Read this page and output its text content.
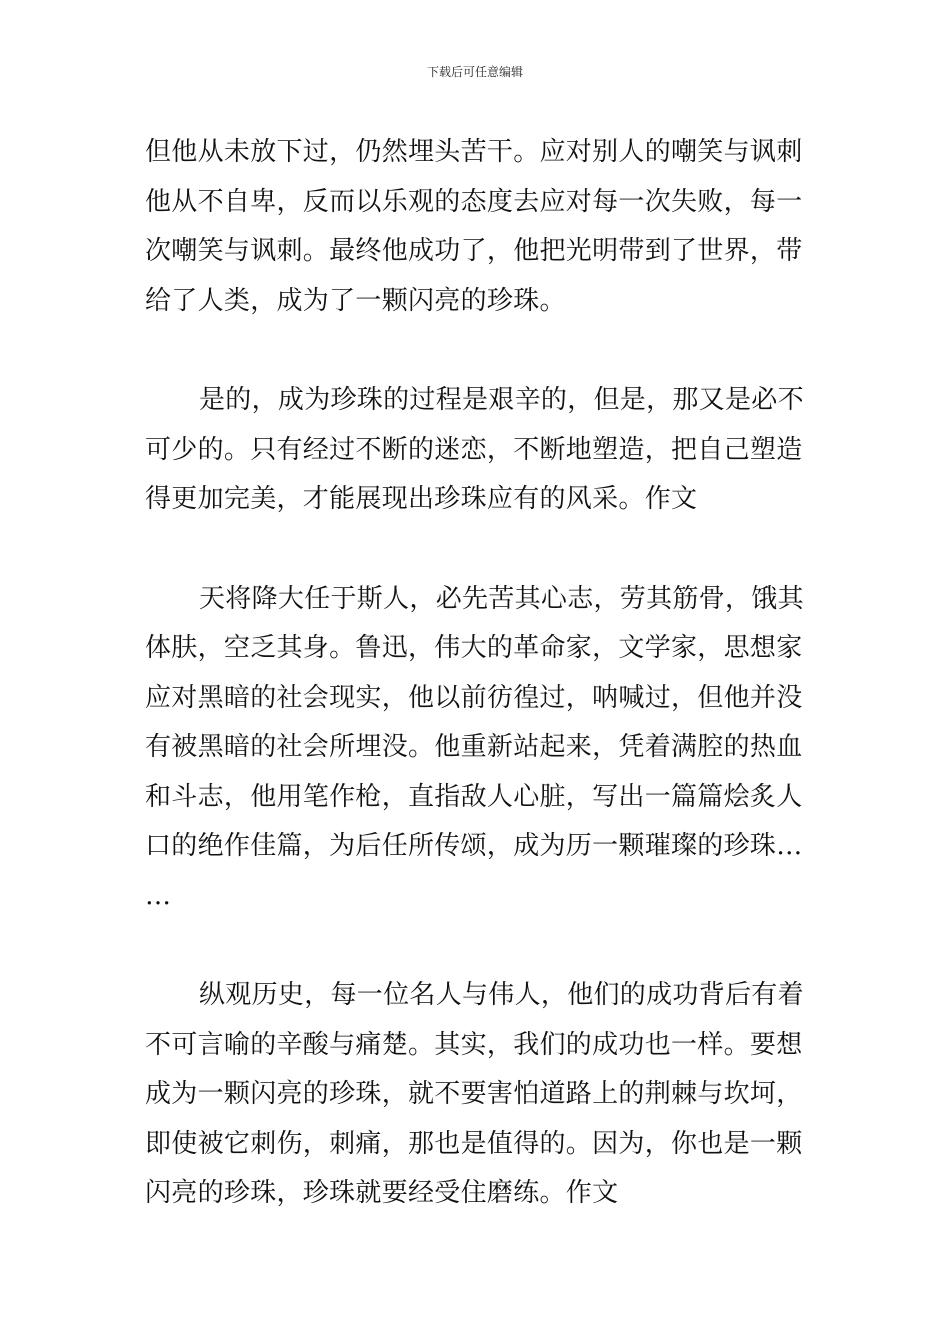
下载后可任意编辑
但他从未放下过，仍然埋头苦干。应对别人的嘲笑与讽刺
他从不自卑，反而以乐观的态度去应对每一次失败，每一
次嘲笑与讽刺。最终他成功了，他把光明带到了世界，带
给了人类，成为了一颗闪亮的珍珠。
是的，成为珍珠的过程是艰辛的，但是，那又是必不
可少的。只有经过不断的迷恋，不断地塑造，把自己塑造
得更加完美，才能展现出珍珠应有的风采。作文
天将降大任于斯人，必先苦其心志，劳其筋骨，饿其
体肤，空乏其身。鲁迅，伟大的革命家，文学家，思想家
应对黑暗的社会现实，他以前彷徨过，呐喊过，但他并没
有被黑暗的社会所埋没。他重新站起来，凭着满腔的热血
和斗志，他用笔作枪，直指敌人心脏，写出一篇篇烩炙人
口的绝作佳篇，为后任所传颂，成为历一颗璀璨的珍珠…
…
纵观历史，每一位名人与伟人，他们的成功背后有着
不可言喻的辛酸与痛楚。其实，我们的成功也一样。要想
成为一颗闪亮的珍珠，就不要害怕道路上的荆棘与坎坷，
即使被它刺伤，刺痛，那也是值得的。因为，你也是一颗
闪亮的珍珠，珍珠就要经受住磨练。作文
